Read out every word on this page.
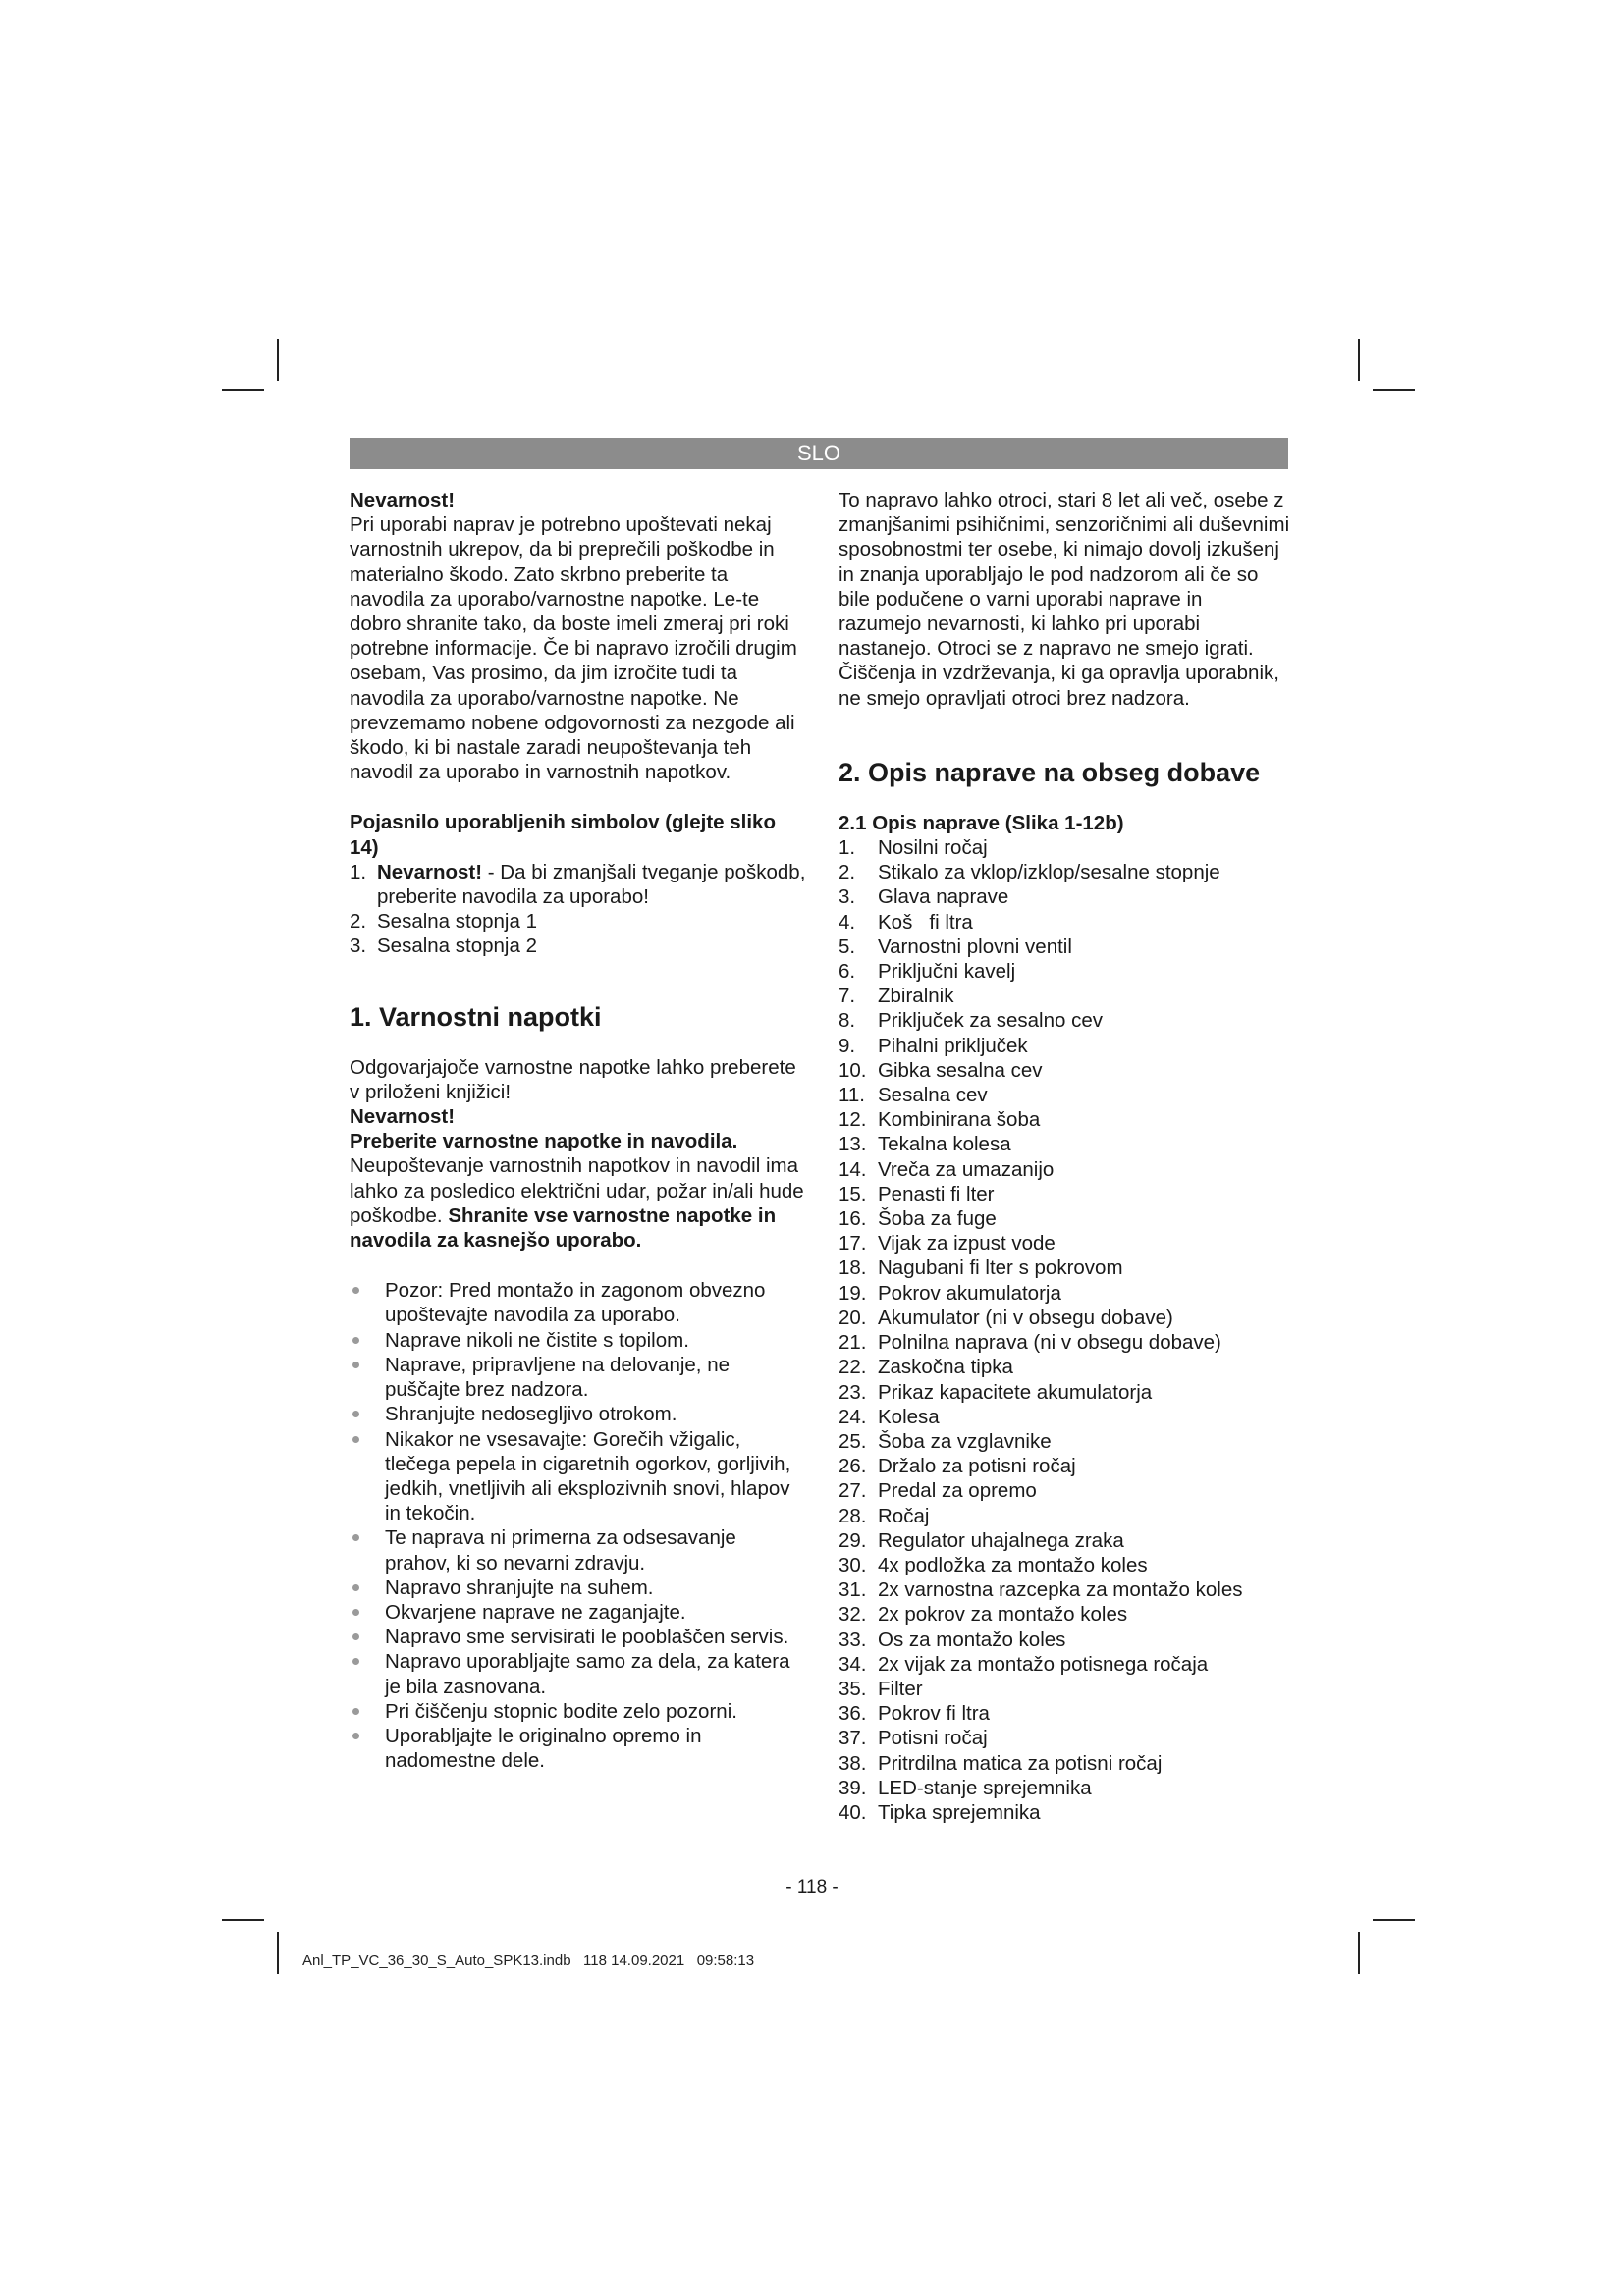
SLO

Nevarnost!

Pri uporabi naprav je potrebno upoštevati nekaj varnostnih ukrepov, da bi preprečili poškodbe in materialno škodo. Zato skrbno preberite ta navodila za uporabo/varnostne napotke. Le-te dobro shranite tako, da boste imeli zmeraj pri roki potrebne informacije. Če bi napravo izročili drugim osebam, Vas prosimo, da jim izročite tudi ta navodila za uporabo/varnostne napotke. Ne prevzemamo nobene odgovornosti za nezgode ali škodo, ki bi nastale zaradi neupoštevanja teh navodil za uporabo in varnostnih napotkov.

Pojasnilo uporabljenih simbolov (glejte sliko 14)

1. Nevarnost! - Da bi zmanjšali tveganje poškodb, preberite navodila za uporabo!
2. Sesalna stopnja 1
3. Sesalna stopnja 2

1. Varnostni napotki

Odgovarjajoče varnostne napotke lahko preberete v priloženi knjižici!

Nevarnost!

Preberite varnostne napotke in navodila.

Neupoštevanje varnostnih napotkov in navodil ima lahko za posledico električni udar, požar in/ali hude poškodbe. Shranite vse varnostne napotke in navodila za kasnejšo uporabo.

Pozor: Pred montažo in zagonom obvezno upoštevajte navodila za uporabo.
Naprave nikoli ne čistite s topilom.
Naprave, pripravljene na delovanje, ne puščajte brez nadzora.
Shranjujte nedosegljivo otrokom.
Nikakor ne vsesavajte: Gorečih vžigalic, tlečega pepela in cigaretnih ogorkov, gorljivih, jedkih, vnetljivih ali eksplozivnih snovi, hlapov in tekočin.
Te naprava ni primerna za odsesavanje prahov, ki so nevarni zdravju.
Napravo shranjujte na suhem.
Okvarjene naprave ne zaganjajte.
Napravo sme servisirati le pooblaščen servis.
Napravo uporabljajte samo za dela, za katera je bila zasnovana.
Pri čiščenju stopnic bodite zelo pozorni.
Uporabljajte le originalno opremo in nadomestne dele.

To napravo lahko otroci, stari 8 let ali več, osebe z zmanjšanimi psihičnimi, senzoričnimi ali duševnimi sposobnostmi ter osebe, ki nimajo dovolj izkušenj in znanja uporabljajo le pod nadzorom ali če so bile podučene o varni uporabi naprave in razumejo nevarnosti, ki lahko pri uporabi nastanejo. Otroci se z napravo ne smejo igrati. Čiščenja in vzdrževanja, ki ga opravlja uporabnik, ne smejo opravljati otroci brez nadzora.

2. Opis naprave na obseg dobave

2.1 Opis naprave (Slika 1-12b)

1.	Nosilni ročaj
2.	Stikalo za vklop/izklop/sesalne stopnje
3.	Glava naprave
4.	Koš   fi ltra
5.	Varnostni plovni ventil
6.	Priključni kavelj
7.	Zbiralnik
8.	Priključek za sesalno cev
9.	Pihalni priključek
10. Gibka sesalna cev
11. Sesalna cev
12. Kombinirana šoba
13. Tekalna kolesa
14. Vreča za umazanijo
15. Penasti fi lter
16. Šoba za fuge
17. Vijak za izpust vode
18. Nagubani fi lter s pokrovom
19. Pokrov akumulatorja
20. Akumulator (ni v obsegu dobave)
21. Polnilna naprava (ni v obsegu dobave)
22. Zaskočna tipka
23. Prikaz kapacitete akumulatorja
24. Kolesa
25. Šoba za vzglavnike
26. Držalo za potisni ročaj
27. Predal za opremo
28. Ročaj
29. Regulator uhajalnega zraka
30. 4x podložka za montažo koles
31. 2x varnostna razcepka za montažo koles
32. 2x pokrov za montažo koles
33. Os za montažo koles
34. 2x vijak za montažo potisnega ročaja
35. Filter
36. Pokrov fi ltra
37. Potisni ročaj
38. Pritrdilna matica za potisni ročaj
39. LED-stanje sprejemnika
40. Tipka sprejemnika
- 118 -
Anl_TP_VC_36_30_S_Auto_SPK13.indb   118 14.09.2021   09:58:13
